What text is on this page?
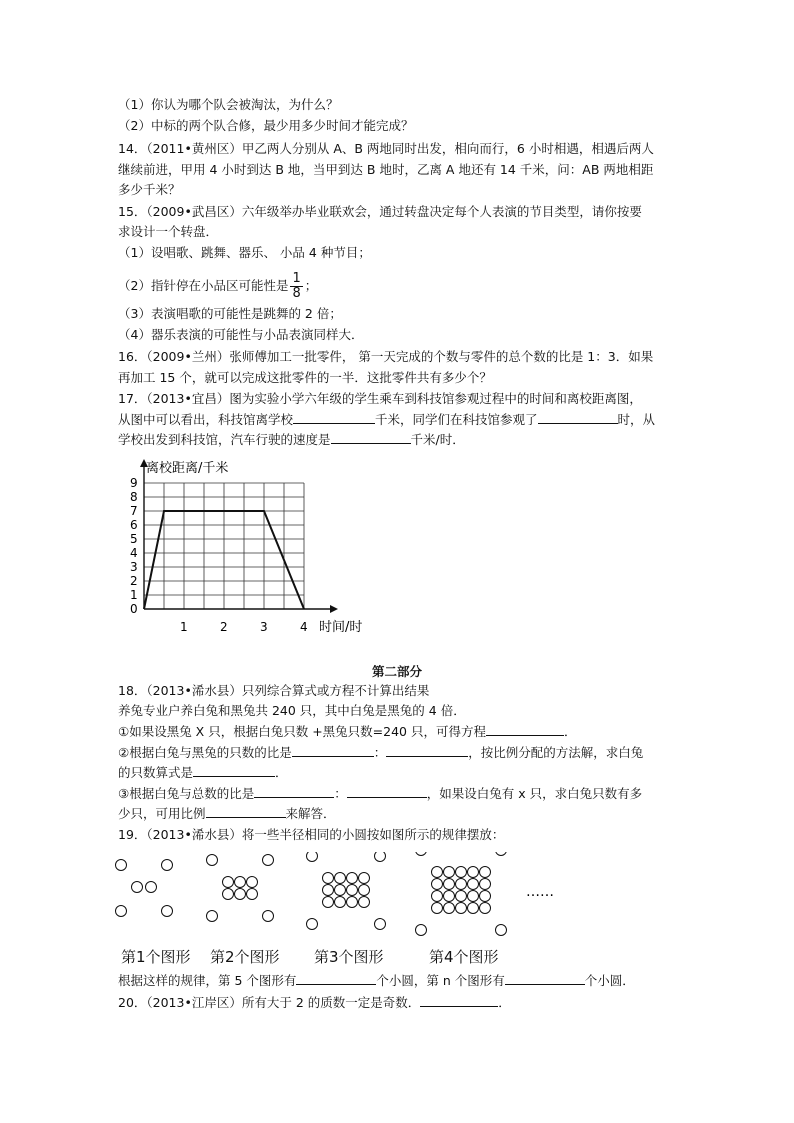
（1）你认为哪个队会被淘汰，为什么？
（2）中标的两个队合修，最少用多少时间才能完成？
14．（2011•黄州区）甲乙两人分别从 A、B 两地同时出发，相向而行，6 小时相遇，相遇后两人
继续前进，甲用 4 小时到达 B 地，当甲到达 B 地时，乙离 A 地还有 14 千米，问：AB 两地相距
多少千米？
15．（2009•武昌区）六年级举办毕业联欢会，通过转盘决定每个人表演的节目类型，请你按要
求设计一个转盘．
（1）设唱歌、跳舞、器乐、 小品 4 种节目；
（2）指针停在小品区可能性是 $\frac{1}{8}$ ；
（3）表演唱歌的可能性是跳舞的 2 倍；
（4）器乐表演的可能性与小品表演同样大．
16．（2009•兰州）张师傅加工一批零件， 第一天完成的个数与零件的总个数的比是 1：3．如果
再加工 15 个，就可以完成这批零件的一半．这批零件共有多少个？
17．（2013•宜昌）图为实验小学六年级的学生乘车到科技馆参观过程中的时间和离校距离图，
从图中可以看出，科技馆离学校	千米，同学们在科技馆参观了	时，从
学校出发到科技馆，汽车行驶的速度是	千米/时．
0
1
2
3
4
5
6
7
8
9
1	2	3	4
离校距离/千米
时间/时
第二部分
18．（2013•浠水县）只列综合算式或方程不计算出结果
养兔专业户养白兔和黑兔共 240 只，其中白兔是黑兔的 4 倍．
①如果设黑兔 X 只，根据白兔只数 +黑兔只数=240 只，可得方程	．
②根据白兔与黑兔的只数的比是	：	，按比例分配的方法解，求白兔
的只数算式是	．
③根据白兔与总数的比是	：	，如果设白兔有 x 只，求白兔只数有多
少只，可用比例	来解答．
19．（2013•浠水县）将一些半径相同的小圆按如图所示的规律摆放：
……
第1个图形 第2个图形 第3个图形	第4个图形
根据这样的规律，第 5 个图形有	个小圆，第 n 个图形有	个小圆．
20．（2013•江岸区）所有大于 2 的质数一定是奇数．	．
